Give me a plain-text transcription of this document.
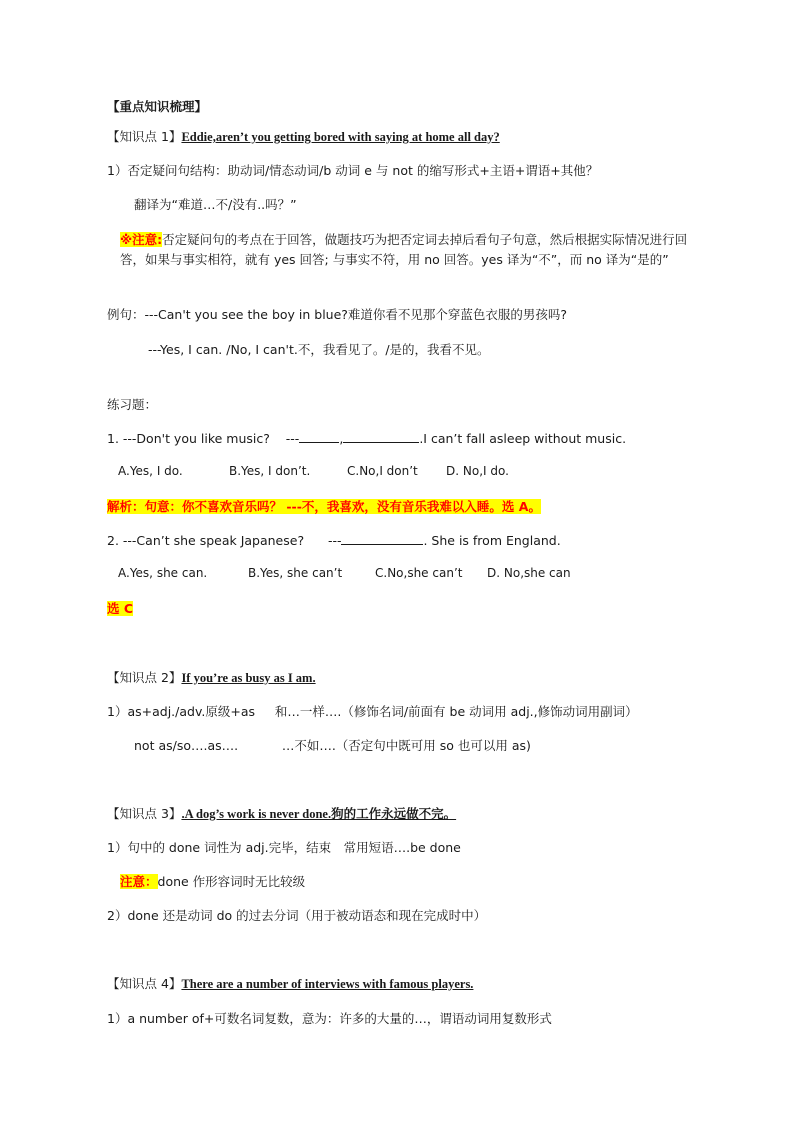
【重点知识梳理】
【知识点 1】Eddie,aren’t you getting bored with saying at home all day?
1）否定疑问句结构：助动词/情态动词/b 动词 e 与 not 的缩写形式+主语+谓语+其他？
翻译为“难道…不/没有..吗？”
※注意:否定疑问句的考点在于回答，做题技巧为把否定词去掉后看句子句意，然后根据实际情况进行回答，如果与事实相符，就有 yes 回答; 与事实不符，用 no 回答。yes 译为“不”，而 no 译为“是的”
例句：---Can't you see the boy in blue?难道你看不见那个穿蓝色衣服的男孩吗?
---Yes, I can. /No, I can't.不，我看见了。/是的，我看不见。
练习题：
1. ---Don't you like music? ---	,	.I can’t fall asleep without music.
A.Yes, I do.	B.Yes, I don’t.	C.No,I don’t D. No,I do.
解析：句意：你不喜欢音乐吗？ ---不，我喜欢，没有音乐我难以入睡。选 A。
2. ---Can’t she speak Japanese? ---	. She is from England.
A.Yes, she can.	B.Yes, she can’t	C.No,she can’t D. No,she can
选 C
【知识点 2】If you’re as busy as I am.
1）as+adj./adv.原级+as 和…一样….（修饰名词/前面有 be 动词用 adj.,修饰动词用副词）
not as/so….as….	…不如….（否定句中既可用 so 也可以用 as)
【知识点 3】.A dog’s work is never done.狗的工作永远做不完。
1）句中的 done 词性为 adj.完毕，结束　常用短语….be done
注意：done 作形容词时无比较级
2）done 还是动词 do 的过去分词（用于被动语态和现在完成时中）
【知识点 4】There are a number of interviews with famous players.
1）a number of+可数名词复数，意为：许多的大量的…，谓语动词用复数形式
